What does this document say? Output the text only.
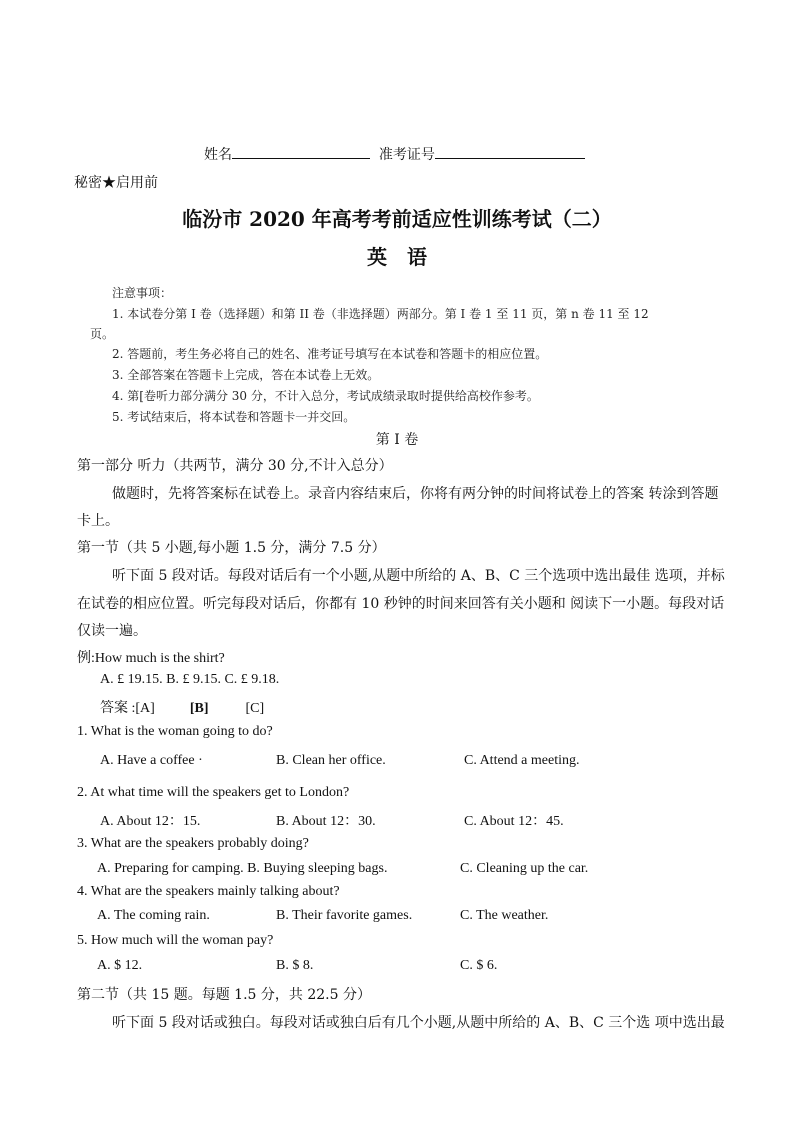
姓名	准考证号
秘密★启用前
临汾市 2020 年高考考前适应性训练考试（二）
英　语
注意事项：
1. 本试卷分第 I 卷（选择题）和第 II 卷（非选择题）两部分。第 I 卷 1 至 11 页，第 n 卷 11 至 12
页。
2. 答题前，考生务必将自己的姓名、准考证号填写在本试卷和答题卡的相应位置。
3. 全部答案在答题卡上完成，答在本试卷上无效。
4. 第[卷听力部分满分 30 分，不计入总分，考试成绩录取时提供给高校作参考。
5. 考试结束后，将本试卷和答题卡一并交回。
第 I 卷
第一部分 听力（共两节，满分 30 分,不计入总分）
做题时，先将答案标在试卷上。录音内容结束后，你将有两分钟的时间将试卷上的答案 转涂到答题
卡上。
第一节（共 5 小题,每小题 1.5 分，满分 7.5 分）
听下面 5 段对话。每段对话后有一个小题,从题中所给的 A、B、C 三个选项中选出最佳 选项，并标
在试卷的相应位置。听完每段对话后，你都有 10 秒钟的时间来回答有关小题和 阅读下一小题。每段对话
仅读一遍。
例:How much is the shirt?
A. £ 19.15. B. £ 9.15. C. £ 9.18.
答案 :[A]	[B]	[C]
1. What is the woman going to do?
A. Have a coffee ·	B. Clean her office.	C. Attend a meeting.
2. At what time will the speakers get to London?
A. About 12：15.	B. About 12：30.	C. About 12：45.
3. What are the speakers probably doing?
A. Preparing for camping. B. Buying sleeping bags.	C. Cleaning up the car.
4. What are the speakers mainly talking about?
A. The coming rain.	B. Their favorite games.	C. The weather.
5. How much will the woman pay?
A. $ 12.	B. $ 8.	C. $ 6.
第二节（共 15 题。每题 1.5 分，共 22.5 分）
听下面 5 段对话或独白。每段对话或独白后有几个小题,从题中所给的 A、B、C 三个选 项中选出最
